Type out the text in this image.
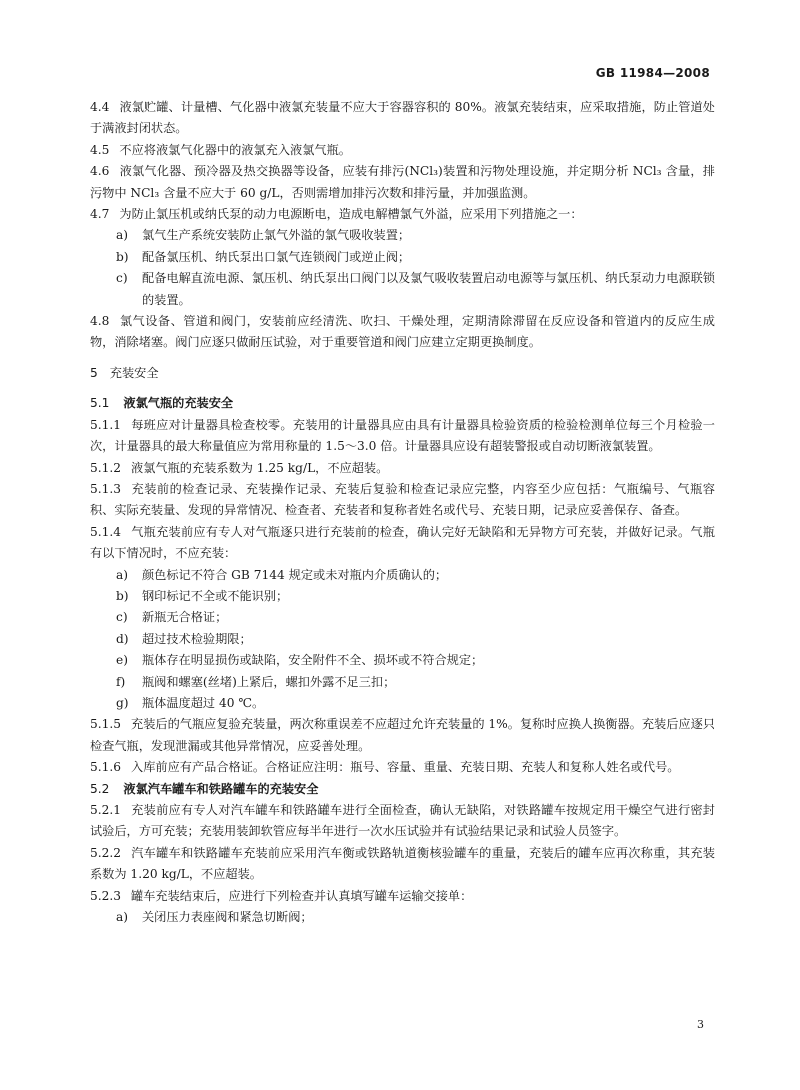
GB 11984—2008
4.4 液氯贮罐、计量槽、气化器中液氯充装量不应大于容器容积的 80%。液氯充装结束，应采取措施，防止管道处于满液封闭状态。
4.5 不应将液氯气化器中的液氯充入液氯气瓶。
4.6 液氯气化器、预冷器及热交换器等设备，应装有排污(NCl₃)装置和污物处理设施，并定期分析 NCl₃ 含量，排污物中 NCl₃ 含量不应大于 60 g/L，否则需增加排污次数和排污量，并加强监测。
4.7 为防止氯压机或纳氏泵的动力电源断电，造成电解槽氯气外溢，应采用下列措施之一：
a) 氯气生产系统安装防止氯气外溢的氯气吸收装置；
b) 配备氯压机、纳氏泵出口氯气连锁阀门或逆止阀；
c) 配备电解直流电源、氯压机、纳氏泵出口阀门以及氯气吸收装置启动电源等与氯压机、纳氏泵动力电源联锁的装置。
4.8 氯气设备、管道和阀门，安装前应经清洗、吹扫、干燥处理，定期清除滞留在反应设备和管道内的反应生成物，消除堵塞。阀门应逐只做耐压试验，对于重要管道和阀门应建立定期更换制度。
5 充装安全
5.1 液氯气瓶的充装安全
5.1.1 每班应对计量器具检查校零。充装用的计量器具应由具有计量器具检验资质的检验检测单位每三个月检验一次，计量器具的最大称量值应为常用称量的 1.5～3.0 倍。计量器具应设有超装警报或自动切断液氯装置。
5.1.2 液氯气瓶的充装系数为 1.25 kg/L，不应超装。
5.1.3 充装前的检查记录、充装操作记录、充装后复验和检查记录应完整，内容至少应包括：气瓶编号、气瓶容积、实际充装量、发现的异常情况、检查者、充装者和复称者姓名或代号、充装日期，记录应妥善保存、备查。
5.1.4 气瓶充装前应有专人对气瓶逐只进行充装前的检查，确认完好无缺陷和无异物方可充装，并做好记录。气瓶有以下情况时，不应充装：
a) 颜色标记不符合 GB 7144 规定或未对瓶内介质确认的；
b) 钢印标记不全或不能识别；
c) 新瓶无合格证；
d) 超过技术检验期限；
e) 瓶体存在明显损伤或缺陷，安全附件不全、损坏或不符合规定；
f) 瓶阀和螺塞(丝堵)上紧后，螺扣外露不足三扣；
g) 瓶体温度超过 40 ℃。
5.1.5 充装后的气瓶应复验充装量，两次称重误差不应超过允许充装量的 1%。复称时应换人换衡器。充装后应逐只检查气瓶，发现泄漏或其他异常情况，应妥善处理。
5.1.6 入库前应有产品合格证。合格证应注明：瓶号、容量、重量、充装日期、充装人和复称人姓名或代号。
5.2 液氯汽车罐车和铁路罐车的充装安全
5.2.1 充装前应有专人对汽车罐车和铁路罐车进行全面检查，确认无缺陷，对铁路罐车按规定用干燥空气进行密封试验后，方可充装；充装用装卸软管应每半年进行一次水压试验并有试验结果记录和试验人员签字。
5.2.2 汽车罐车和铁路罐车充装前应采用汽车衡或铁路轨道衡核验罐车的重量，充装后的罐车应再次称重，其充装系数为 1.20 kg/L，不应超装。
5.2.3 罐车充装结束后，应进行下列检查并认真填写罐车运输交接单：
a) 关闭压力表座阀和紧急切断阀；
3
